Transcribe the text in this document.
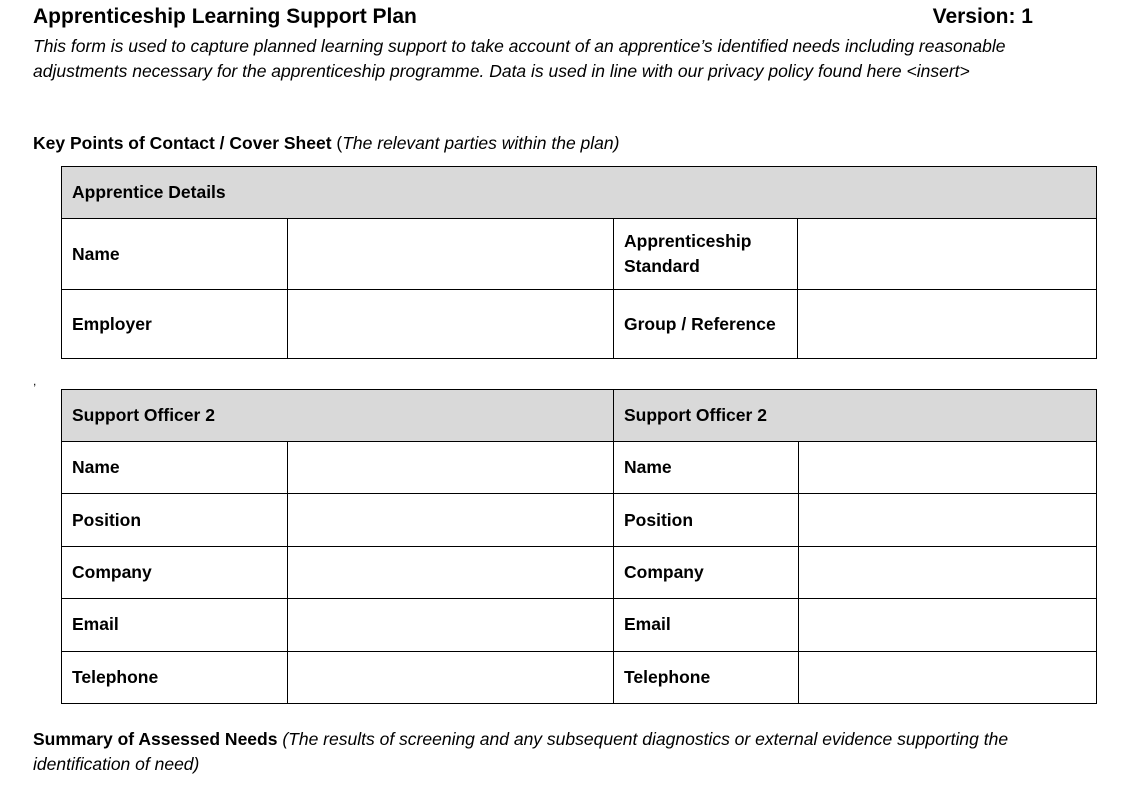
Apprenticeship Learning Support Plan	Version: 1
This form is used to capture planned learning support to take account of an apprentice’s identified needs including reasonable adjustments necessary for the apprenticeship programme. Data is used in line with our privacy policy found here <insert>
Key Points of Contact / Cover Sheet (The relevant parties within the plan)
Apprentice Details			
Name		Apprenticeship Standard	
Employer		Group / Reference	
,
Support Officer 2		Support Officer 2	
Name		Name	
Position		Position	
Company		Company	
Email		Email	
Telephone		Telephone	
Summary of Assessed Needs (The results of screening and any subsequent diagnostics or external evidence supporting the identification of need)
